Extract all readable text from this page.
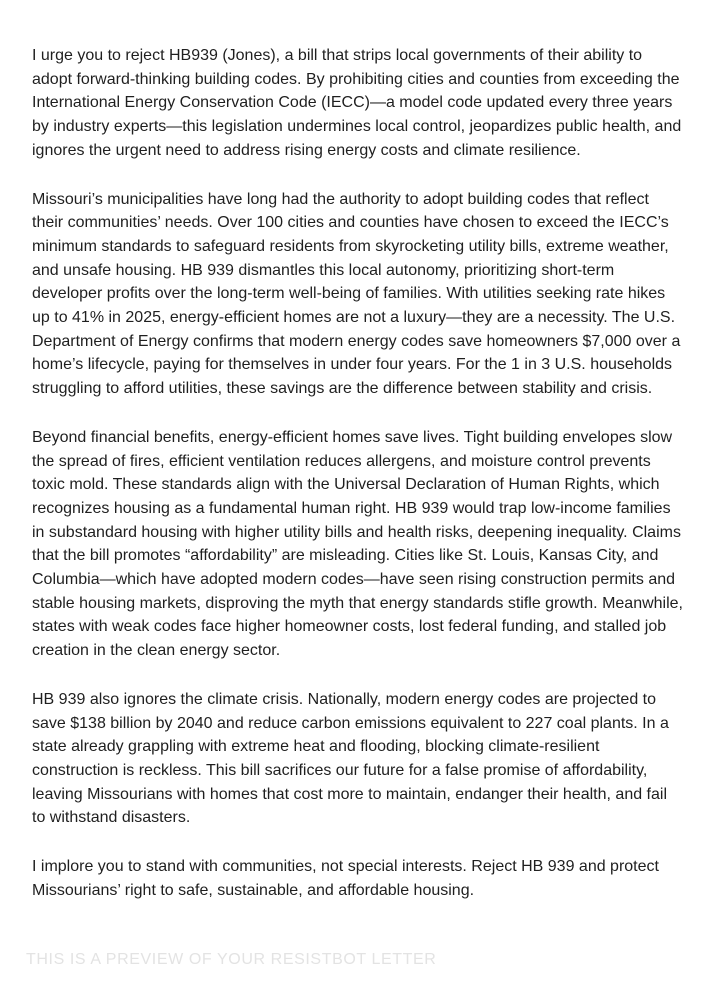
I urge you to reject HB939 (Jones), a bill that strips local governments of their ability to adopt forward-thinking building codes. By prohibiting cities and counties from exceeding the International Energy Conservation Code (IECC)—a model code updated every three years by industry experts—this legislation undermines local control, jeopardizes public health, and ignores the urgent need to address rising energy costs and climate resilience.

Missouri’s municipalities have long had the authority to adopt building codes that reflect their communities’ needs. Over 100 cities and counties have chosen to exceed the IECC’s minimum standards to safeguard residents from skyrocketing utility bills, extreme weather, and unsafe housing. HB 939 dismantles this local autonomy, prioritizing short-term developer profits over the long-term well-being of families. With utilities seeking rate hikes up to 41% in 2025, energy-efficient homes are not a luxury—they are a necessity. The U.S. Department of Energy confirms that modern energy codes save homeowners $7,000 over a home’s lifecycle, paying for themselves in under four years. For the 1 in 3 U.S. households struggling to afford utilities, these savings are the difference between stability and crisis.

Beyond financial benefits, energy-efficient homes save lives. Tight building envelopes slow the spread of fires, efficient ventilation reduces allergens, and moisture control prevents toxic mold. These standards align with the Universal Declaration of Human Rights, which recognizes housing as a fundamental human right. HB 939 would trap low-income families in substandard housing with higher utility bills and health risks, deepening inequality. Claims that the bill promotes “affordability” are misleading. Cities like St. Louis, Kansas City, and Columbia—which have adopted modern codes—have seen rising construction permits and stable housing markets, disproving the myth that energy standards stifle growth. Meanwhile, states with weak codes face higher homeowner costs, lost federal funding, and stalled job creation in the clean energy sector.

HB 939 also ignores the climate crisis. Nationally, modern energy codes are projected to save $138 billion by 2040 and reduce carbon emissions equivalent to 227 coal plants. In a state already grappling with extreme heat and flooding, blocking climate-resilient construction is reckless. This bill sacrifices our future for a false promise of affordability, leaving Missourians with homes that cost more to maintain, endanger their health, and fail to withstand disasters.

I implore you to stand with communities, not special interests. Reject HB 939 and protect Missourians’ right to safe, sustainable, and affordable housing.

THIS IS A PREVIEW OF YOUR RESISTBOT LETTER
